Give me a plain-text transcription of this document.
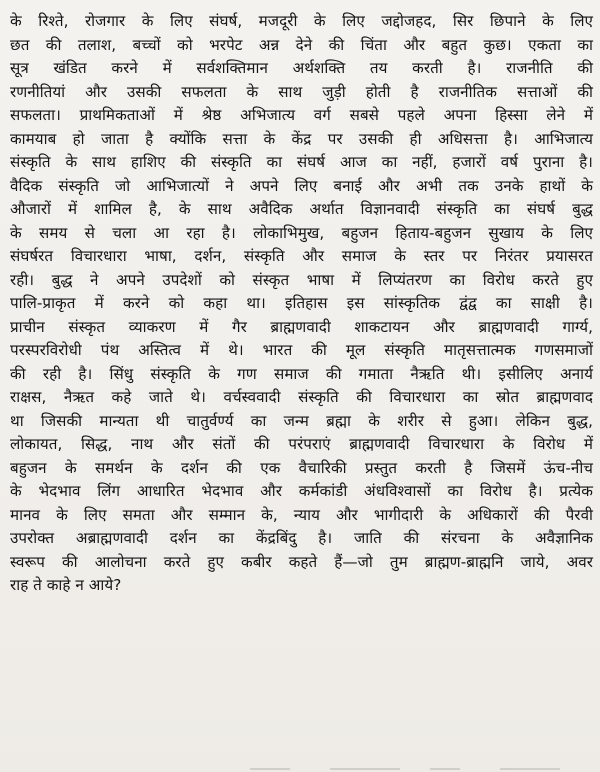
के रिश्ते, रोजगार के लिए संघर्ष, मजदूरी के लिए जद्दोजहद, सिर छिपाने के लिए
छत की तलाश, बच्चों को भरपेट अन्न देने की चिंता और बहुत कुछ। एकता का
सूत्र खंडित करने में सर्वशक्तिमान अर्थशक्ति तय करती है। राजनीति की
रणनीतियां और उसकी सफलता के साथ जुड़ी होती है राजनीतिक सत्ताओं की
सफलता। प्राथमिकताओं में श्रेष्ठ अभिजात्य वर्ग सबसे पहले अपना हिस्सा लेने में
कामयाब हो जाता है क्योंकि सत्ता के केंद्र पर उसकी ही अधिसत्ता है। आभिजात्य
संस्कृति के साथ हाशिए की संस्कृति का संघर्ष आज का नहीं, हजारों वर्ष पुराना है।
वैदिक संस्कृति जो आभिजात्यों ने अपने लिए बनाई और अभी तक उनके हाथों के
औजारों में शामिल है, के साथ अवैदिक अर्थात विज्ञानवादी संस्कृति का संघर्ष बुद्ध
के समय से चला आ रहा है। लोकाभिमुख, बहुजन हिताय-बहुजन सुखाय के लिए
संघर्षरत विचारधारा भाषा, दर्शन, संस्कृति और समाज के स्तर पर निरंतर प्रयासरत
रही। बुद्ध ने अपने उपदेशों को संस्कृत भाषा में लिप्यंतरण का विरोध करते हुए
पालि-प्राकृत में करने को कहा था। इतिहास इस सांस्कृतिक द्वंद्व का साक्षी है।
प्राचीन संस्कृत व्याकरण में गैर ब्राह्मणवादी शाकटायन और ब्राह्मणवादी गार्ग्य,
परस्परविरोधी पंथ अस्तित्व में थे। भारत की मूल संस्कृति मातृसत्तात्मक गणसमाजों
की रही है। सिंधु संस्कृति के गण समाज की गमाता नैऋति थी। इसीलिए अनार्य
राक्षस, नैऋत कहे जाते थे। वर्चस्ववादी संस्कृति की विचारधारा का स्रोत ब्राह्मणवाद
था जिसकी मान्यता थी चातुर्वर्ण्य का जन्म ब्रह्मा के शरीर से हुआ। लेकिन बुद्ध,
लोकायत, सिद्ध, नाथ और संतों की परंपराएं ब्राह्मणवादी विचारधारा के विरोध में
बहुजन के समर्थन के दर्शन की एक वैचारिकी प्रस्तुत करती है जिसमें ऊंच-नीच
के भेदभाव लिंग आधारित भेदभाव और कर्मकांडी अंधविश्वासों का विरोध है। प्रत्येक
मानव के लिए समता और सम्मान के, न्याय और भागीदारी के अधिकारों की पैरवी
उपरोक्त अब्राह्मणवादी दर्शन का केंद्रबिंदु है। जाति की संरचना के अवैज्ञानिक
स्वरूप की आलोचना करते हुए कबीर कहते हैं—जो तुम ब्राह्मण-ब्राह्मनि जाये, अवर
राह ते काहे न आये?
